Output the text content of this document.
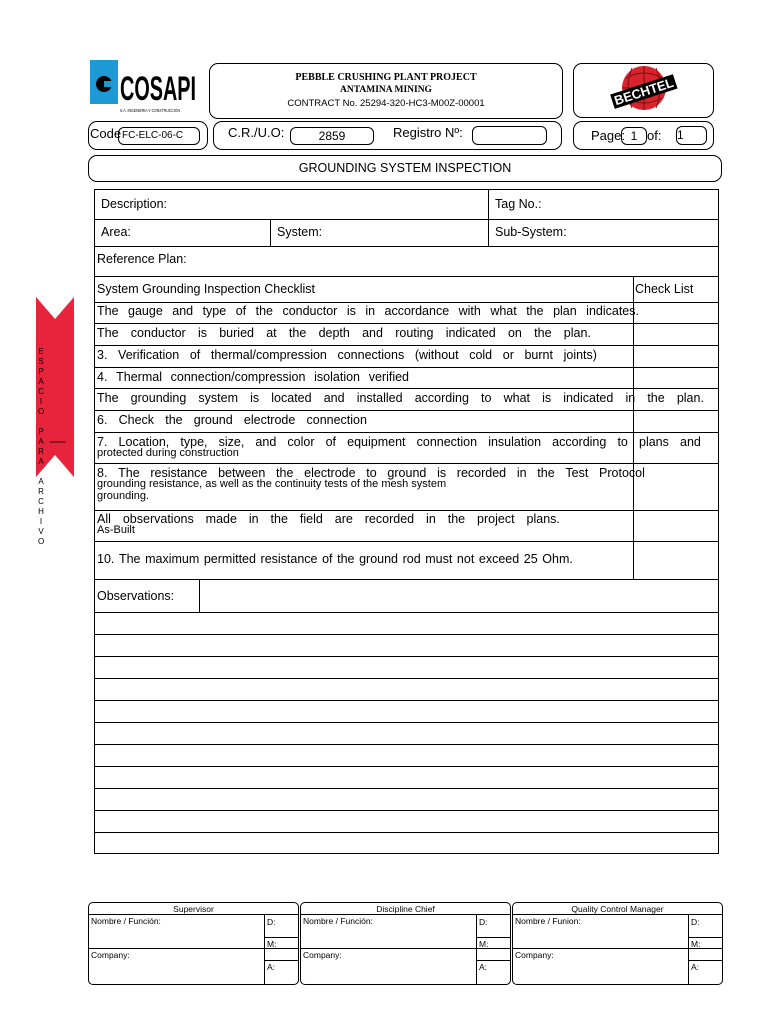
COSAPI
S.A. INGENIERIA Y CONSTRUCCION
PEBBLE CRUSHING PLANT PROJECT
ANTAMINA MINING
CONTRACT No. 25294-320-HC3-M00Z-00001	BECHTEL
Code FC-ELC-06-C	C.R./U.O:	2859	Registro Nº:	Page: 1 of: 1
GROUNDING SYSTEM INSPECTION
E
S
P
A
C
I
O
P
A
R
A
A
R
C
H
I
V
O
Description:	Tag No.:
Area:	System:	Sub-System:
Reference Plan:
System Grounding Inspection Checklist	Check List
The gauge and type of the conductor is in accordance with what the plan indicates.
The conductor is buried at the depth and routing indicated on the plan.
3. Verification of thermal/compression connections (without cold or burnt joints)
4. Thermal connection/compression isolation verified
The grounding system is located and installed according to what is indicated in the plan.
6. Check the ground electrode connection
7. Location, type, size, and color of equipment connection insulation according to plans and
protected during construction
8. The resistance between the electrode to ground is recorded in the Test Protocol
grounding resistance, as well as the continuity tests of the mesh system
grounding.
All observations made in the field are recorded in the project plans.
As-Built
10. The maximum permitted resistance of the ground rod must not exceed 25 Ohm.
Observations:
Supervisor
Nombre / Función:
Company:
D:
M:
A:
Discipline Chief
Nombre / Función:
Company:
D:
M:
A:
Quality Control Manager
Nombre / Funion:
Company:
D:
M:
A:
